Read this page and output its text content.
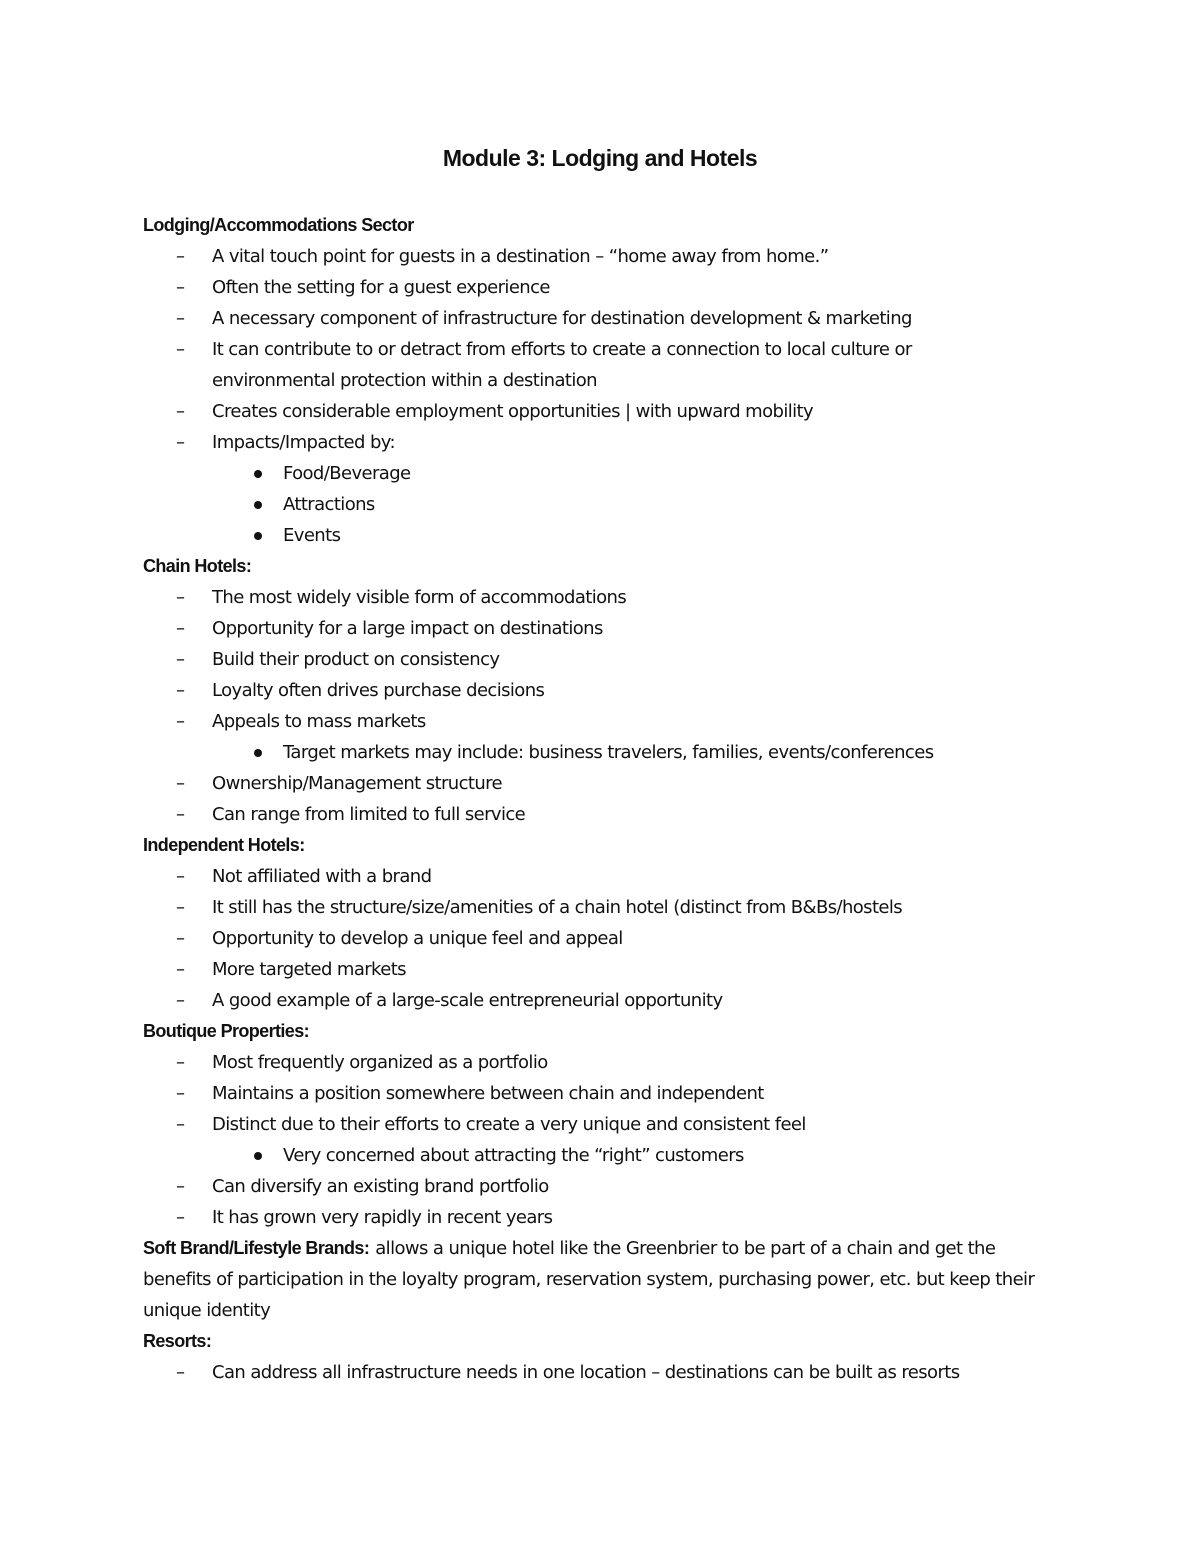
Module 3: Lodging and Hotels
Lodging/Accommodations Sector
– A vital touch point for guests in a destination – “home away from home.”
– Often the setting for a guest experience
– A necessary component of infrastructure for destination development & marketing
– It can contribute to or detract from efforts to create a connection to local culture or environmental protection within a destination
– Creates considerable employment opportunities | with upward mobility
– Impacts/Impacted by:
Food/Beverage
Attractions
Events
Chain Hotels:
– The most widely visible form of accommodations
– Opportunity for a large impact on destinations
– Build their product on consistency
– Loyalty often drives purchase decisions
– Appeals to mass markets
Target markets may include: business travelers, families, events/conferences
– Ownership/Management structure
– Can range from limited to full service
Independent Hotels:
– Not affiliated with a brand
– It still has the structure/size/amenities of a chain hotel (distinct from B&Bs/hostels
– Opportunity to develop a unique feel and appeal
– More targeted markets
– A good example of a large-scale entrepreneurial opportunity
Boutique Properties:
– Most frequently organized as a portfolio
– Maintains a position somewhere between chain and independent
– Distinct due to their efforts to create a very unique and consistent feel
Very concerned about attracting the “right” customers
– Can diversify an existing brand portfolio
– It has grown very rapidly in recent years

Soft Brand/Lifestyle Brands: allows a unique hotel like the Greenbrier to be part of a chain and get the benefits of participation in the loyalty program, reservation system, purchasing power, etc. but keep their unique identity

Resorts:
– Can address all infrastructure needs in one location – destinations can be built as resorts
